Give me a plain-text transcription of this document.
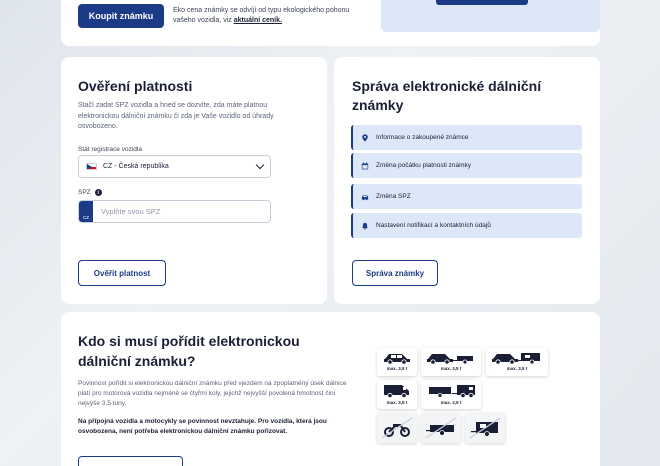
Koupit známku
Eko cena známky se odvíjí od typu ekologického pohonu vašeho vozidla, viz aktuální ceník.
Ověření platnosti
Stačí zadat SPZ vozidla a hned se dozvíte, zda máte platnou elektronickou dálniční známku či zda je Vaše vozidlo od úhrady osvobozeno.
Stát registrace vozidla
CZ - Česká republika
SPZ	i
CZ
Vyplňte svou SPZ
Ověřit platnost
Správa elektronické dálniční známky
Informace o zakoupené známce
Změna počátku platnosti známky
Změna SPZ
Nastavení notifikací a kontaktních údajů
Správa známky
Kdo si musí pořídit elektronickou dálniční známku?
Povinnost pořídit si elektronickou dálniční známku před vjezdem na zpoplatněný úsek dálnice platí pro motorová vozidla nejméně se čtyřmi koly, jejichž nejvyšší povolená hmotnost činí nejvýše 3,5 tuny.
Na přípojná vozidla a motocykly se povinnost nevztahuje. Pro vozidla, která jsou osvobozena, není potřeba elektronickou dálniční známku pořizovat.
max. 3,5 t	max. 3,5 t	max. 3,5 t
max. 3,5 t	max. 3,5 t
